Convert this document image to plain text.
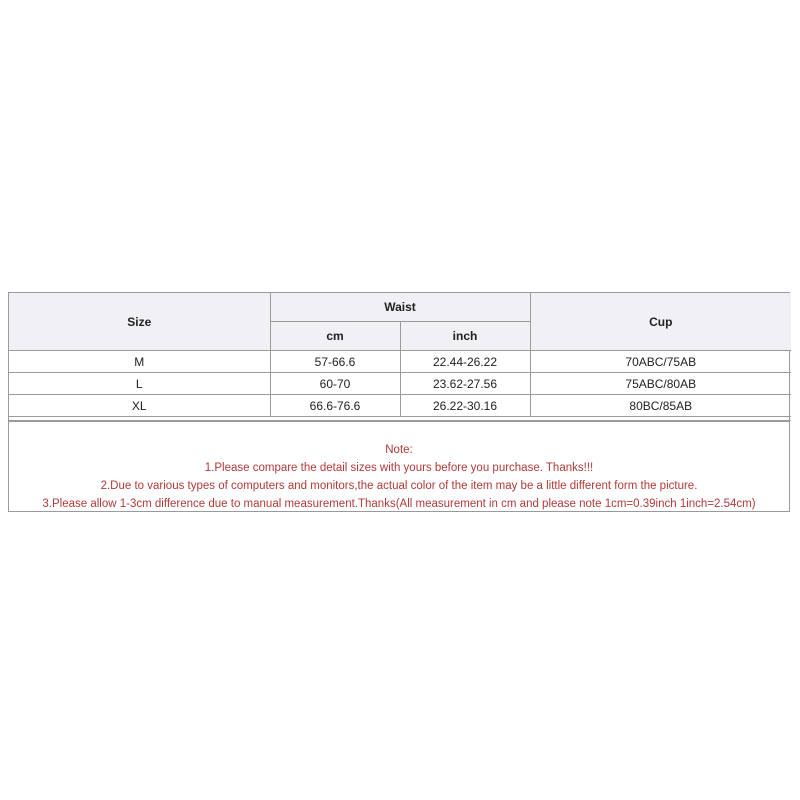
Size	Waist		Cup
	cm	inch	
M	57-66.6	22.44-26.22	70ABC/75AB
L	60-70	23.62-27.56	75ABC/80AB
XL	66.6-76.6	26.22-30.16	80BC/85AB

Note:
1.Please compare the detail sizes with yours before you purchase. Thanks!!!
2.Due to various types of computers and monitors,the actual color of the item may be a little different form the picture.
3.Please allow 1-3cm difference due to manual measurement.Thanks(All measurement in cm and please note 1cm=0.39inch 1inch=2.54cm)
